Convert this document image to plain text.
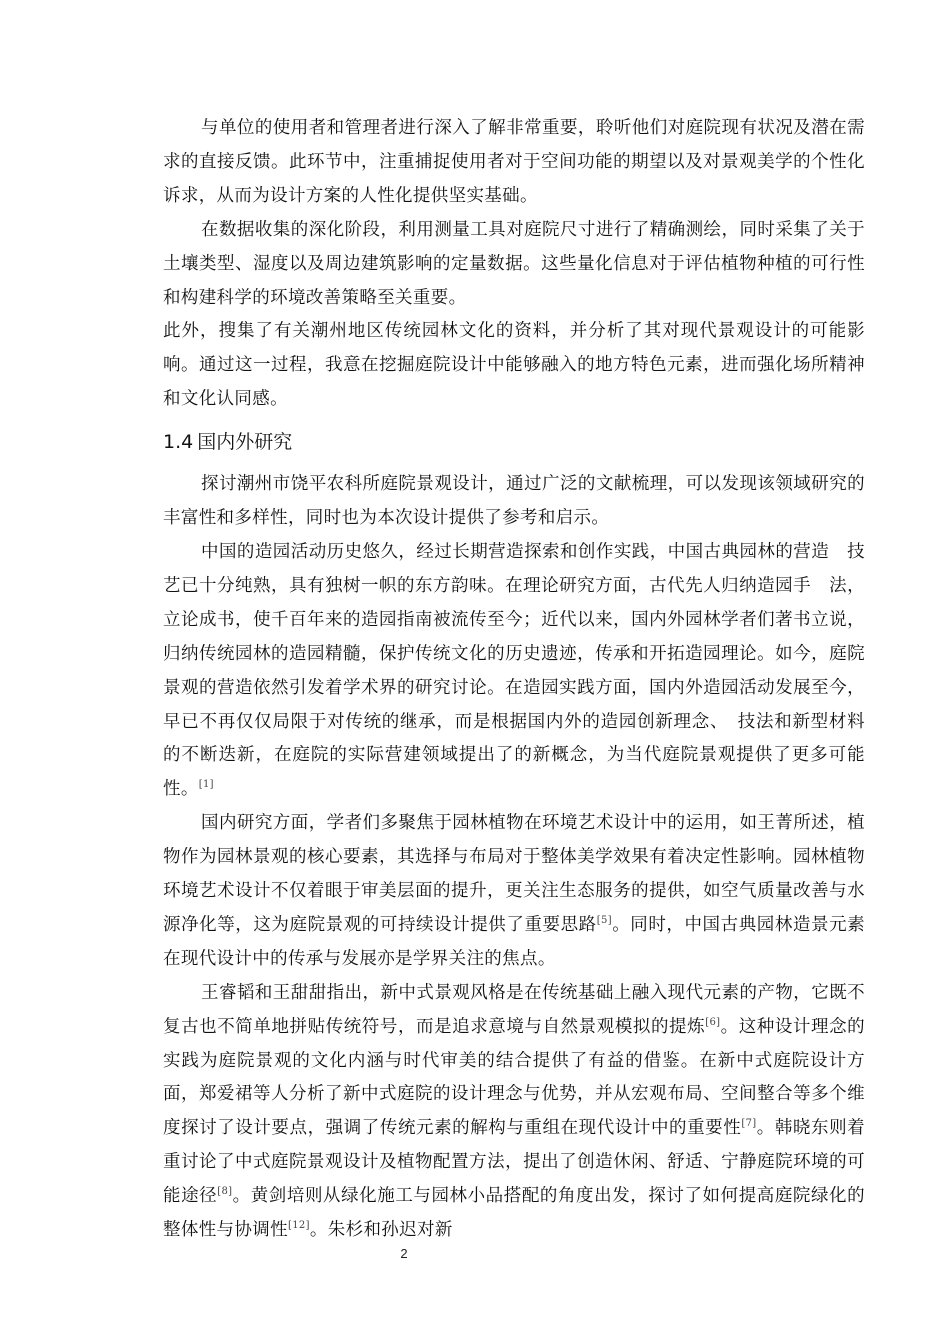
与单位的使用者和管理者进行深入了解非常重要，聆听他们对庭院现有状况及潜在需求的直接反馈。此环节中，注重捕捉使用者对于空间功能的期望以及对景观美学的个性化诉求，从而为设计方案的人性化提供坚实基础。

在数据收集的深化阶段，利用测量工具对庭院尺寸进行了精确测绘，同时采集了关于土壤类型、湿度以及周边建筑影响的定量数据。这些量化信息对于评估植物种植的可行性和构建科学的环境改善策略至关重要。

此外，搜集了有关潮州地区传统园林文化的资料，并分析了其对现代景观设计的可能影响。通过这一过程，我意在挖掘庭院设计中能够融入的地方特色元素，进而强化场所精神和文化认同感。

1.4 国内外研究

探讨潮州市饶平农科所庭院景观设计，通过广泛的文献梳理，可以发现该领域研究的丰富性和多样性，同时也为本次设计提供了参考和启示。

中国的造园活动历史悠久，经过长期营造探索和创作实践，中国古典园林的营造　技艺已十分纯熟，具有独树一帜的东方韵味。在理论研究方面，古代先人归纳造园手　法，立论成书，使千百年来的造园指南被流传至今；近代以来，国内外园林学者们著书立说，归纳传统园林的造园精髓，保护传统文化的历史遗迹，传承和开拓造园理论。如今，庭院景观的营造依然引发着学术界的研究讨论。在造园实践方面，国内外造园活动发展至今，早已不再仅仅局限于对传统的继承，而是根据国内外的造园创新理念、　技法和新型材料的不断迭新，在庭院的实际营建领域提出了的新概念，为当代庭院景观提供了更多可能性。[1]

国内研究方面，学者们多聚焦于园林植物在环境艺术设计中的运用，如王菁所述，植物作为园林景观的核心要素，其选择与布局对于整体美学效果有着决定性影响。园林植物环境艺术设计不仅着眼于审美层面的提升，更关注生态服务的提供，如空气质量改善与水源净化等，这为庭院景观的可持续设计提供了重要思路[5]。同时，中国古典园林造景元素在现代设计中的传承与发展亦是学界关注的焦点。

王睿韬和王甜甜指出，新中式景观风格是在传统基础上融入现代元素的产物，它既不复古也不简单地拼贴传统符号，而是追求意境与自然景观模拟的提炼[6]。这种设计理念的实践为庭院景观的文化内涵与时代审美的结合提供了有益的借鉴。在新中式庭院设计方面，郑爱裙等人分析了新中式庭院的设计理念与优势，并从宏观布局、空间整合等多个维度探讨了设计要点，强调了传统元素的解构与重组在现代设计中的重要性[7]。韩晓东则着重讨论了中式庭院景观设计及植物配置方法，提出了创造休闲、舒适、宁静庭院环境的可能途径[8]。黄剑培则从绿化施工与园林小品搭配的角度出发，探讨了如何提高庭院绿化的整体性与协调性[12]。朱杉和孙迟对新

2
